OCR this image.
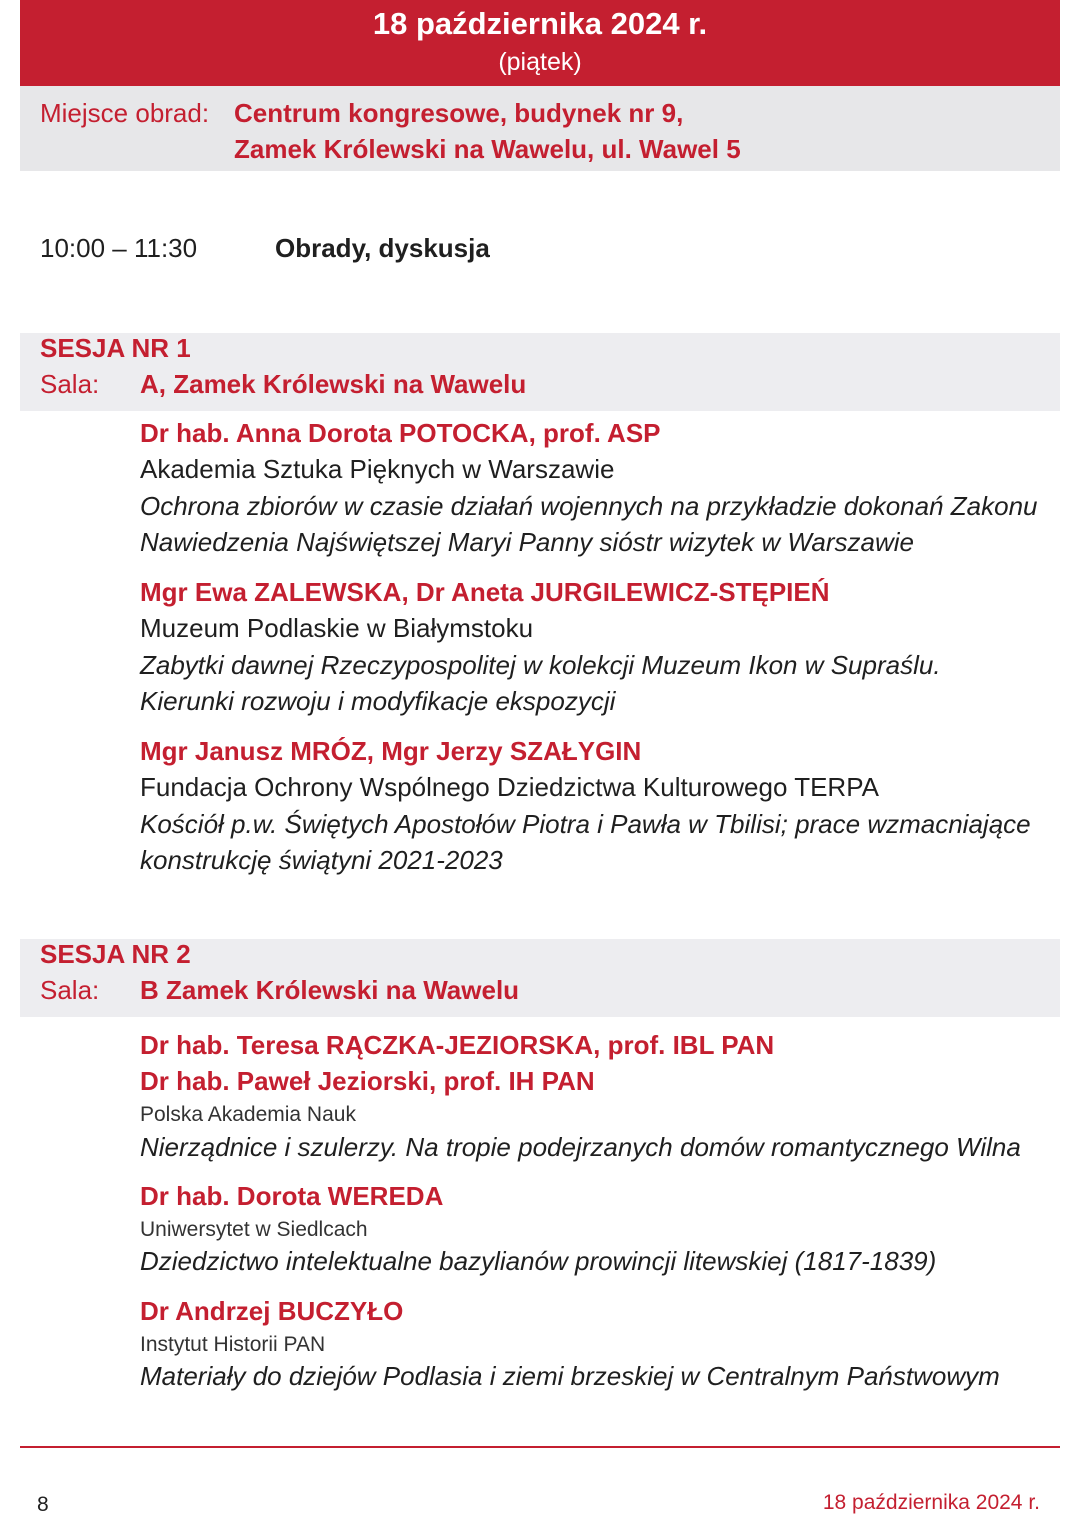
18 października 2024 r.
(piątek)
Miejsce obrad: Centrum kongresowe, budynek nr 9,
Zamek Królewski na Wawelu, ul. Wawel 5
10:00 – 11:30	Obrady, dyskusja
SESJA NR 1
Sala: A, Zamek Królewski na Wawelu
Dr hab. Anna Dorota POTOCKA, prof. ASP
Akademia Sztuka Pięknych w Warszawie
Ochrona zbiorów w czasie działań wojennych na przykładzie dokonań Zakonu
Nawiedzenia Najświętszej Maryi Panny sióstr wizytek w Warszawie
Mgr Ewa ZALEWSKA, Dr Aneta JURGILEWICZ-STĘPIEŃ
Muzeum Podlaskie w Białymstoku
Zabytki dawnej Rzeczypospolitej w kolekcji Muzeum Ikon w Supraślu.
Kierunki rozwoju i modyfikacje ekspozycji
Mgr Janusz MRÓZ, Mgr Jerzy SZAŁYGIN
Fundacja Ochrony Wspólnego Dziedzictwa Kulturowego TERPA
Kościół p.w. Świętych Apostołów Piotra i Pawła w Tbilisi; prace wzmacniające
konstrukcję świątyni 2021-2023
SESJA NR 2
Sala: B Zamek Królewski na Wawelu
Dr hab. Teresa RĄCZKA-JEZIORSKA, prof. IBL PAN
Dr hab. Paweł Jeziorski, prof. IH PAN
Polska Akademia Nauk
Nierządnice i szulerzy. Na tropie podejrzanych domów romantycznego Wilna
Dr hab. Dorota WEREDA
Uniwersytet w Siedlcach
Dziedzictwo intelektualne bazylianów prowincji litewskiej (1817-1839)
Dr Andrzej BUCZYŁO
Instytut Historii PAN
Materiały do dziejów Podlasia i ziemi brzeskiej w Centralnym Państwowym
8	18 października 2024 r.
